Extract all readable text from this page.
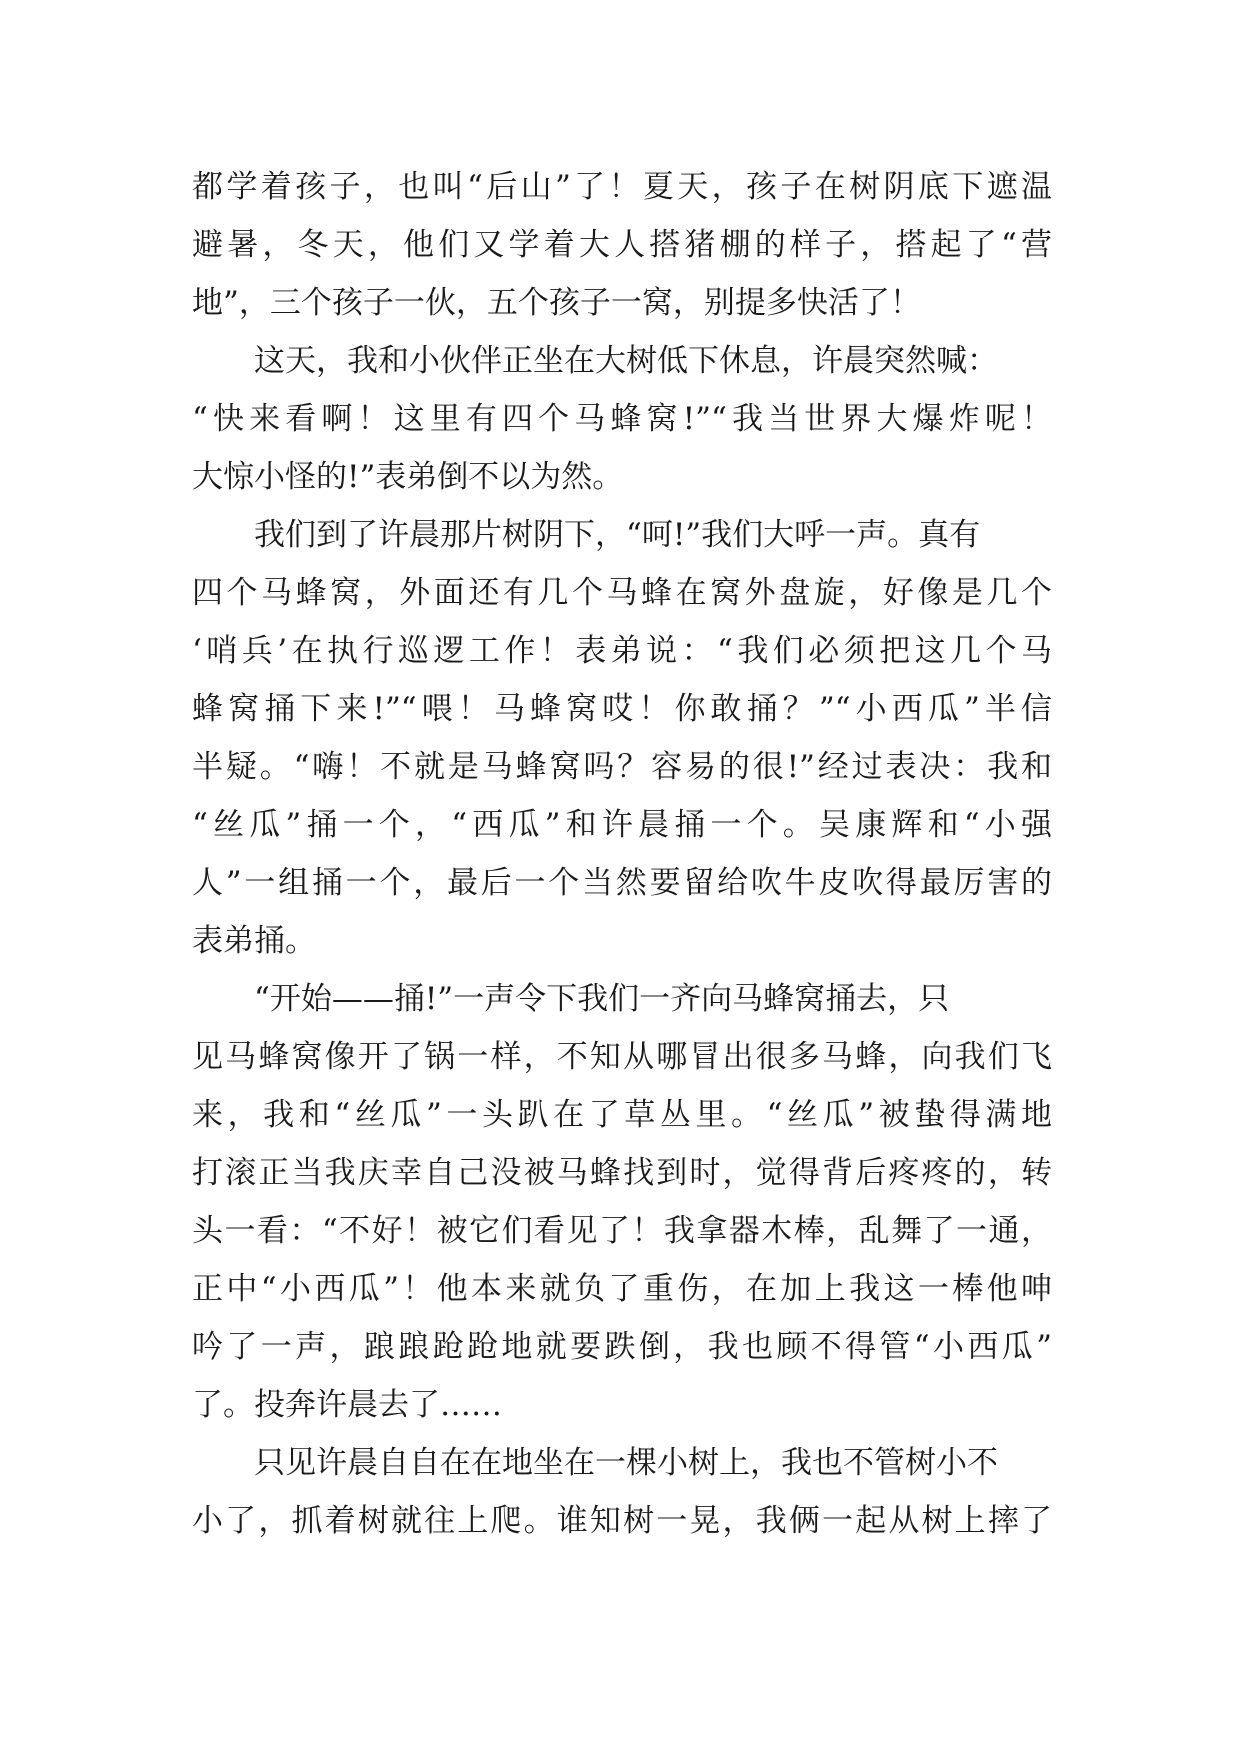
都学着孩子，也叫“后山”了！夏天，孩子在树阴底下遮温
避暑，冬天，他们又学着大人搭猪棚的样子，搭起了“营
地”，三个孩子一伙，五个孩子一窝，别提多快活了！
这天，我和小伙伴正坐在大树低下休息，许晨突然喊：
“快来看啊！这里有四个马蜂窝!”“我当世界大爆炸呢！
大惊小怪的!”表弟倒不以为然。
我们到了许晨那片树阴下，“呵!”我们大呼一声。真有
四个马蜂窝，外面还有几个马蜂在窝外盘旋，好像是几个
‘哨兵’在执行巡逻工作！表弟说：“我们必须把这几个马
蜂窝捅下来!”“喂！马蜂窝哎！你敢捅？”“小西瓜”半信
半疑。“嗨！不就是马蜂窝吗？容易的很!”经过表决：我和
“丝瓜”捅一个，“西瓜”和许晨捅一个。吴康辉和“小强
人”一组捅一个，最后一个当然要留给吹牛皮吹得最厉害的
表弟捅。
“开始——捅!”一声令下我们一齐向马蜂窝捅去，只
见马蜂窝像开了锅一样，不知从哪冒出很多马蜂，向我们飞
来，我和“丝瓜”一头趴在了草丛里。“丝瓜”被蛰得满地
打滚正当我庆幸自己没被马蜂找到时，觉得背后疼疼的，转
头一看：“不好！被它们看见了！我拿器木棒，乱舞了一通，
正中“小西瓜”！他本来就负了重伤，在加上我这一棒他呻
吟了一声，踉踉跄跄地就要跌倒，我也顾不得管“小西瓜”
了。投奔许晨去了……
只见许晨自自在在地坐在一棵小树上，我也不管树小不
小了，抓着树就往上爬。谁知树一晃，我俩一起从树上摔了
